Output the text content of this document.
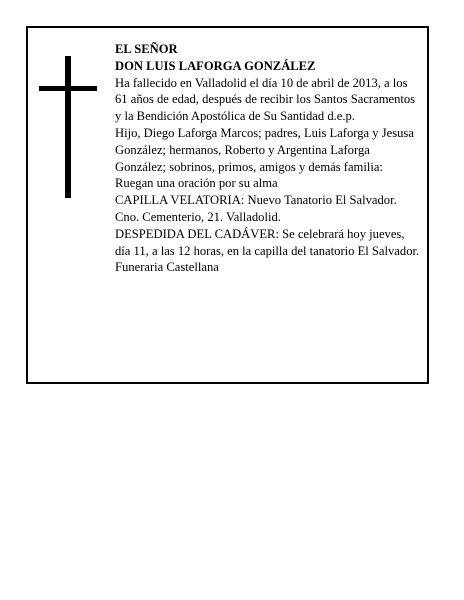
EL SEÑOR

DON LUIS LAFORGA GONZÁLEZ

Ha fallecido en Valladolid el día 10 de abril de 2013, a los 61 años de edad, después de recibir los Santos Sacramentos y la Bendición Apostólica de Su Santidad d.e.p.

Hijo, Diego Laforga Marcos; padres, Luis Laforga y Jesusa González; hermanos, Roberto y Argentina Laforga González; sobrinos, primos, amigos y demás familia:

Ruegan una oración por su alma

CAPILLA VELATORIA: Nuevo Tanatorio El Salvador. Cno. Cementerio, 21. Valladolid.

DESPEDIDA DEL CADÁVER: Se celebrará hoy jueves, día 11, a las 12 horas, en la capilla del tanatorio El Salvador.

Funeraria Castellana
